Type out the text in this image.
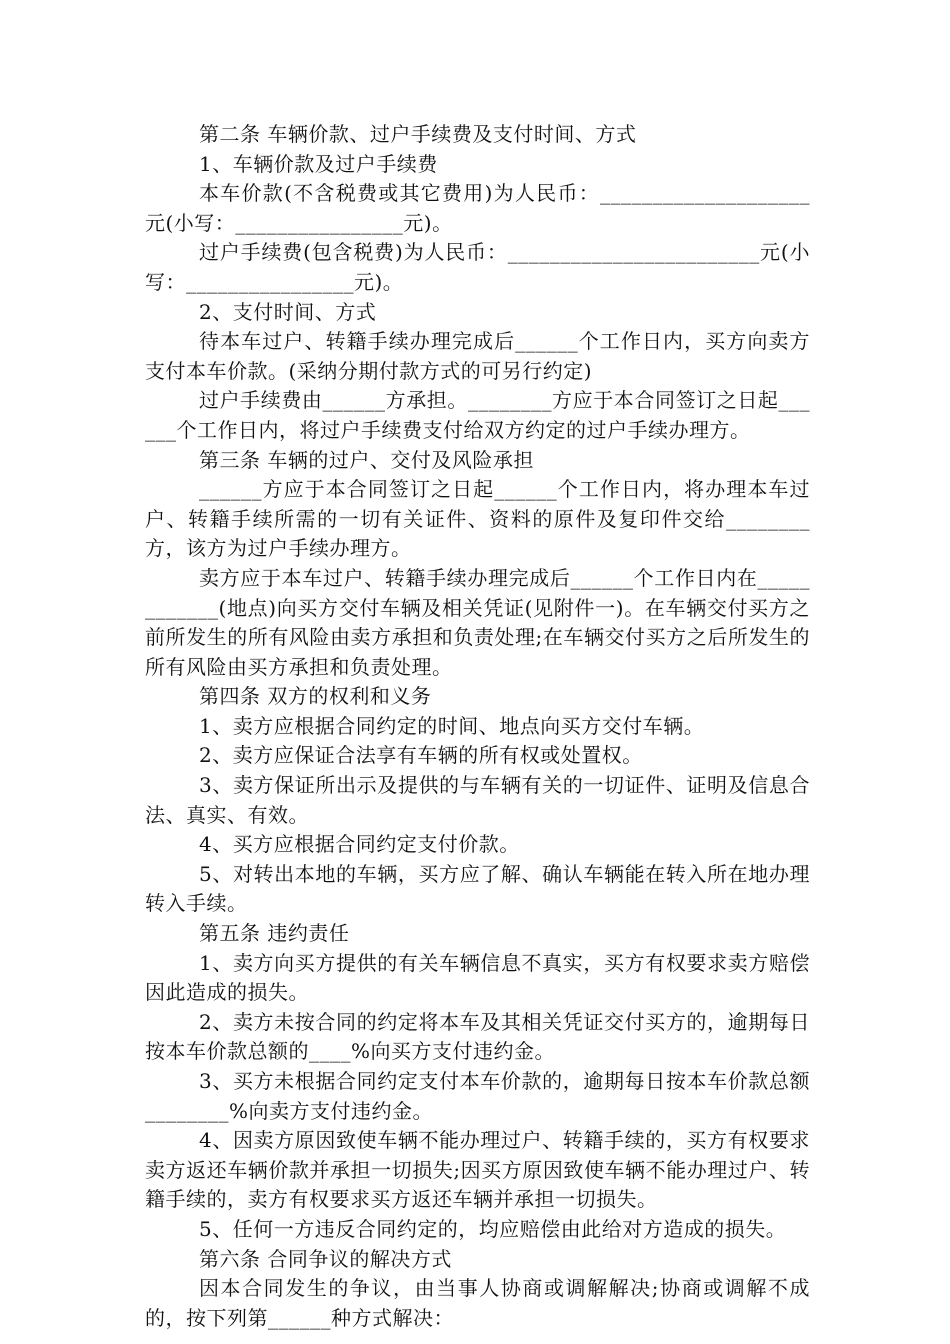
第二条 车辆价款、过户手续费及支付时间、方式

1、车辆价款及过户手续费

本车价款(不含税费或其它费用)为人民币：____________________元(小写：________________元)。

过户手续费(包含税费)为人民币：________________________元(小写：________________元)。

2、支付时间、方式

待本车过户、转籍手续办理完成后______个工作日内，买方向卖方支付本车价款。(采纳分期付款方式的可另行约定)

过户手续费由______方承担。________方应于本合同签订之日起______个工作日内，将过户手续费支付给双方约定的过户手续办理方。

第三条 车辆的过户、交付及风险承担

______方应于本合同签订之日起______个工作日内，将办理本车过户、转籍手续所需的一切有关证件、资料的原件及复印件交给________方，该方为过户手续办理方。

卖方应于本车过户、转籍手续办理完成后______个工作日内在____________(地点)向买方交付车辆及相关凭证(见附件一)。在车辆交付买方之前所发生的所有风险由卖方承担和负责处理;在车辆交付买方之后所发生的所有风险由买方承担和负责处理。

第四条 双方的权利和义务

1、卖方应根据合同约定的时间、地点向买方交付车辆。

2、卖方应保证合法享有车辆的所有权或处置权。

3、卖方保证所出示及提供的与车辆有关的一切证件、证明及信息合法、真实、有效。

4、买方应根据合同约定支付价款。

5、对转出本地的车辆，买方应了解、确认车辆能在转入所在地办理转入手续。

第五条 违约责任

1、卖方向买方提供的有关车辆信息不真实，买方有权要求卖方赔偿因此造成的损失。

2、卖方未按合同的约定将本车及其相关凭证交付买方的，逾期每日按本车价款总额的____%向买方支付违约金。

3、买方未根据合同约定支付本车价款的，逾期每日按本车价款总额________%向卖方支付违约金。

4、因卖方原因致使车辆不能办理过户、转籍手续的，买方有权要求卖方返还车辆价款并承担一切损失;因买方原因致使车辆不能办理过户、转籍手续的，卖方有权要求买方返还车辆并承担一切损失。

5、任何一方违反合同约定的，均应赔偿由此给对方造成的损失。

第六条 合同争议的解决方式

因本合同发生的争议，由当事人协商或调解解决;协商或调解不成的，按下列第______种方式解决：
